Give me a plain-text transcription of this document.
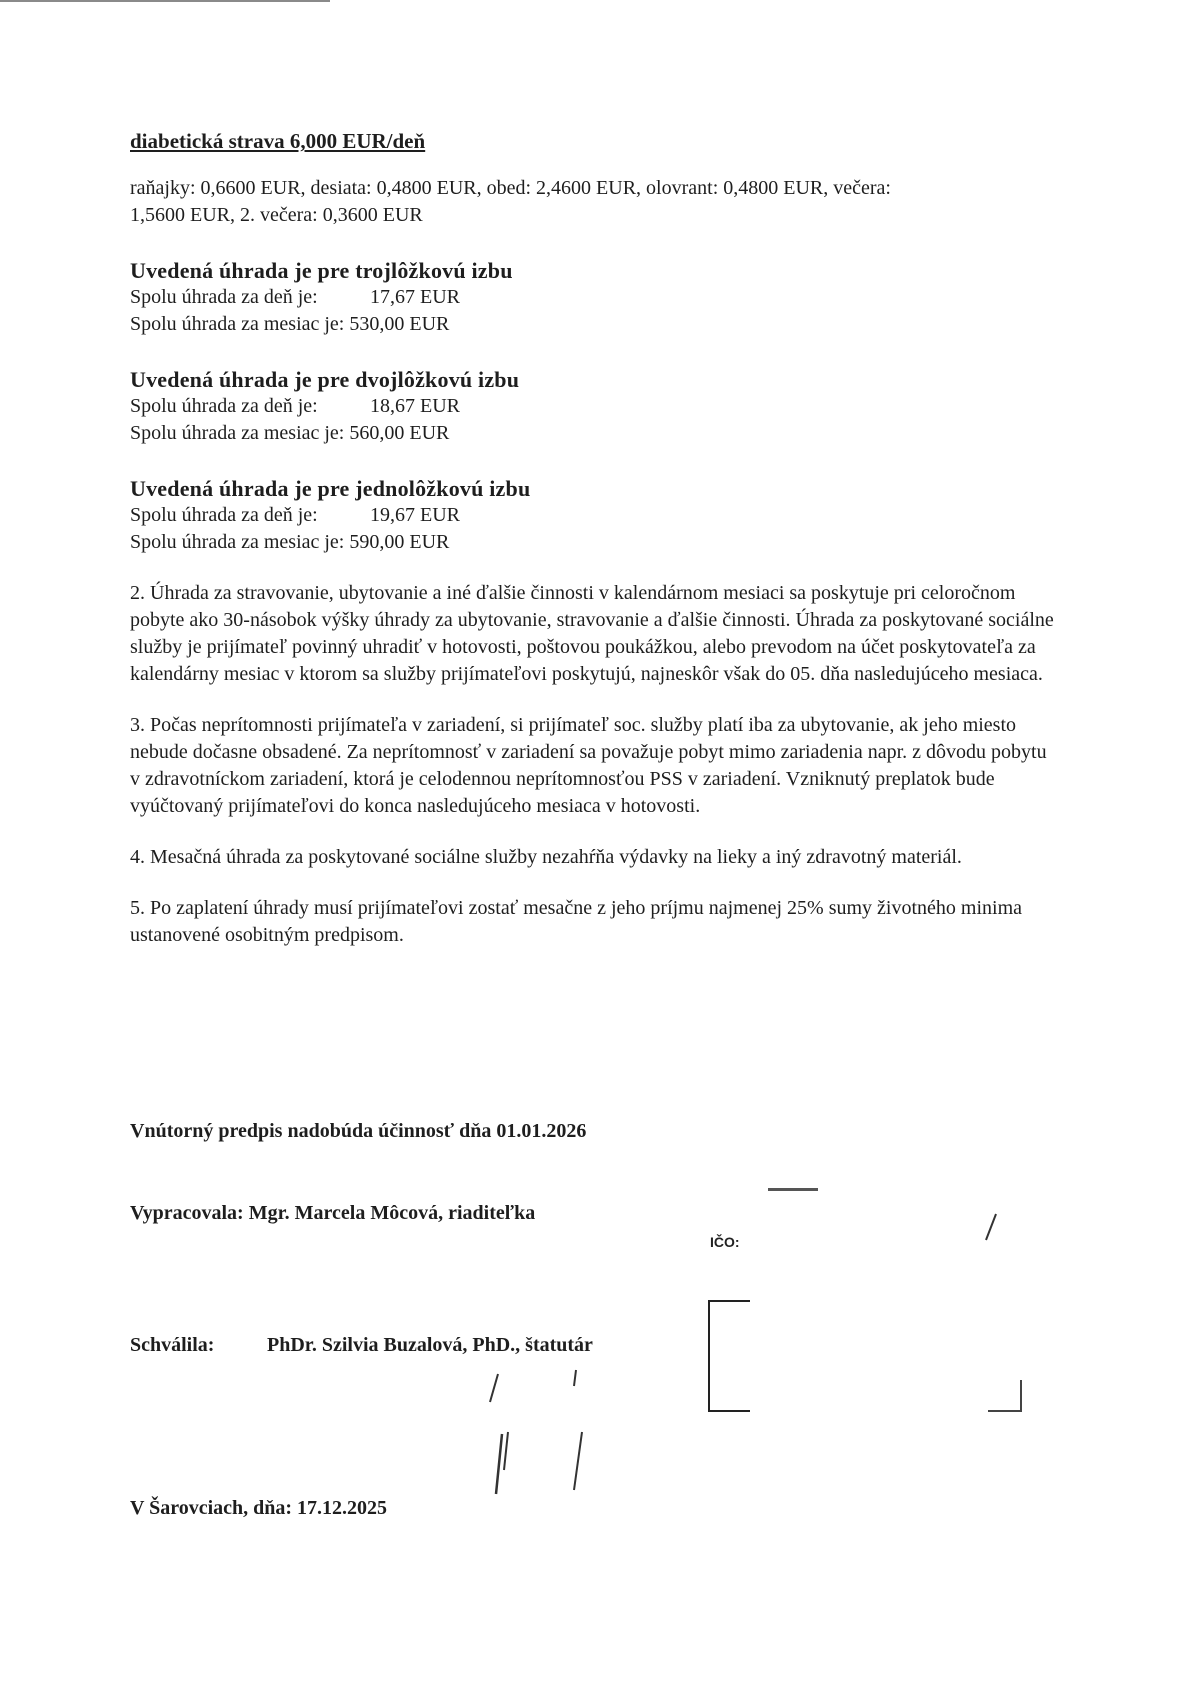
diabetická strava 6,000 EUR/deň

raňajky: 0,6600 EUR, desiata: 0,4800 EUR, obed: 2,4600 EUR, olovrant: 0,4800 EUR, večera:

1,5600 EUR, 2. večera: 0,3600 EUR

Uvedená úhrada je pre trojlôžkovú izbu
Spolu úhrada za deň je:	17,67 EUR
Spolu úhrada za mesiac je: 530,00 EUR
Uvedená úhrada je pre dvojlôžkovú izbu
Spolu úhrada za deň je:	18,67 EUR
Spolu úhrada za mesiac je: 560,00 EUR
Uvedená úhrada je pre jednolôžkovú izbu
Spolu úhrada za deň je:	19,67 EUR
Spolu úhrada za mesiac je: 590,00 EUR

2. Úhrada za stravovanie, ubytovanie a iné ďalšie činnosti v kalendárnom mesiaci sa poskytuje pri celoročnom pobyte ako 30-násobok výšky úhrady za ubytovanie, stravovanie a ďalšie činnosti. Úhrada za poskytované sociálne služby je prijímateľ povinný uhradiť v hotovosti, poštovou poukážkou, alebo prevodom na účet poskytovateľa za kalendárny mesiac v ktorom sa služby prijímateľovi poskytujú, najneskôr však do 05. dňa nasledujúceho mesiaca.

3. Počas neprítomnosti prijímateľa v zariadení, si prijímateľ soc. služby platí iba za ubytovanie, ak jeho miesto nebude dočasne obsadené. Za neprítomnosť v zariadení sa považuje pobyt mimo zariadenia napr. z dôvodu pobytu v zdravotníckom zariadení, ktorá je celodennou neprítomnosťou PSS v zariadení. Vzniknutý preplatok bude vyúčtovaný prijímateľovi do konca nasledujúceho mesiaca v hotovosti.

4. Mesačná úhrada za poskytované sociálne služby nezahŕňa výdavky na lieky a iný zdravotný materiál.

5. Po zaplatení úhrady musí prijímateľovi zostať mesačne z jeho príjmu najmenej 25% sumy životného minima ustanovené osobitným predpisom.

Vnútorný predpis nadobúda účinnosť dňa 01.01.2026
Vypracovala: Mgr. Marcela Môcová, riaditeľka
Schválila:	PhDr. Szilvia Buzalová, PhD., štatutár
V Šarovciach, dňa: 17.12.2025
IČO:
